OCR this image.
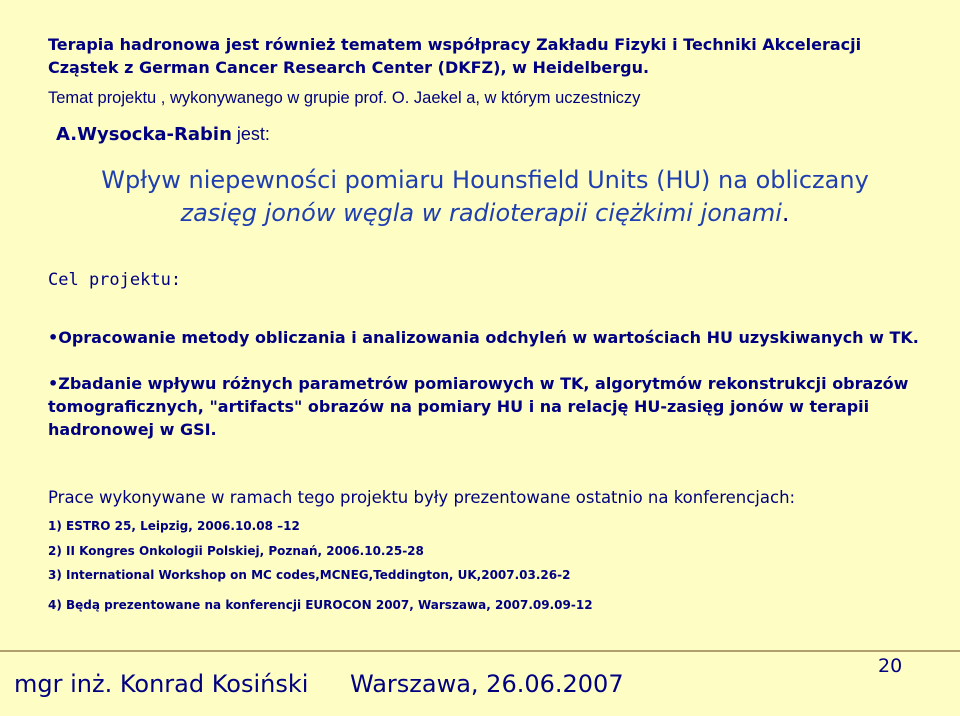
Terapia hadronowa jest również tematem współpracy Zakładu Fizyki i Techniki Akceleracji Cząstek z German Cancer Research Center (DKFZ), w Heidelbergu.
Temat projektu , wykonywanego w grupie prof. O. Jaekel a, w którym uczestniczy
A.Wysocka-Rabin jest:
Wpływ niepewności pomiaru Hounsfield Units (HU) na obliczany
zasięg jonów węgla w radioterapii ciężkimi jonami.
Cel projektu:
•Opracowanie metody obliczania i analizowania odchyleń w wartościach HU uzyskiwanych w TK.
•Zbadanie wpływu różnych parametrów pomiarowych w TK, algorytmów rekonstrukcji obrazów tomograficznych, "artifacts" obrazów na pomiary HU i na relację HU-zasięg jonów w terapii hadronowej w GSI.
Prace wykonywane w ramach tego projektu były prezentowane ostatnio na konferencjach:
1) ESTRO 25, Leipzig, 2006.10.08 –12
2) II Kongres Onkologii Polskiej, Poznań, 2006.10.25-28
3) International Workshop on MC codes,MCNEG,Teddington, UK,2007.03.26-2
4) Będą prezentowane na konferencji EUROCON 2007, Warszawa, 2007.09.09-12
mgr inż. Konrad Kosiński Warszawa, 26.06.2007
20
